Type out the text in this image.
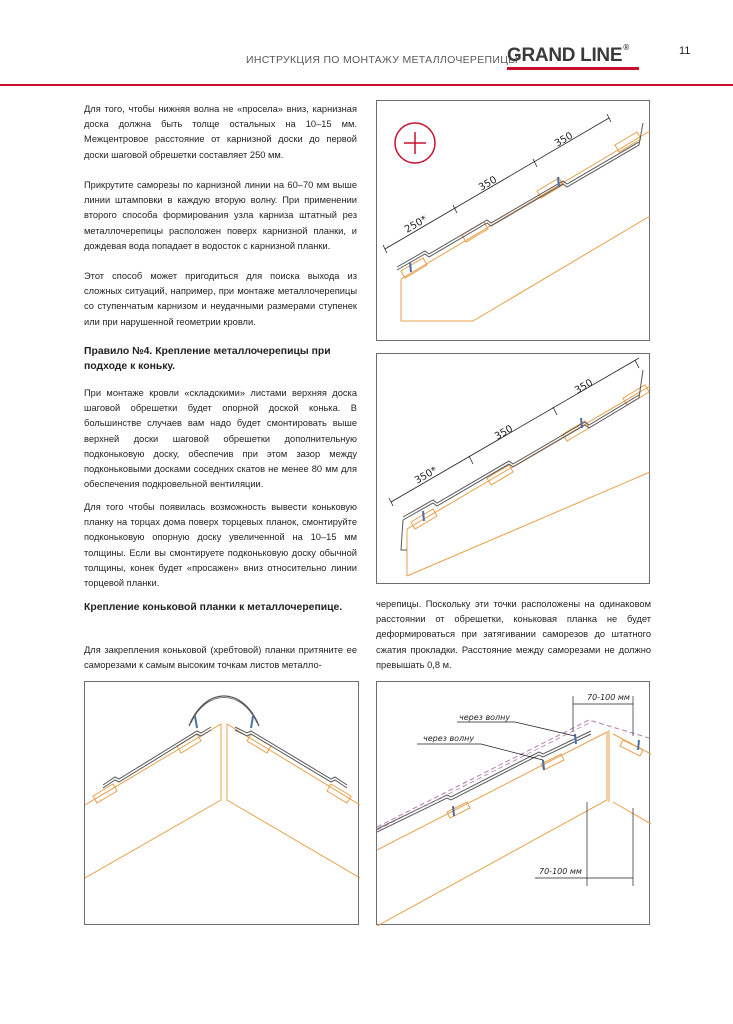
ИНСТРУКЦИЯ ПО МОНТАЖУ МЕТАЛЛОЧЕРЕПИЦЫ
GRAND LINE®	11

Для того, чтобы нижняя волна не «просела» вниз, карнизная доска должна быть толще остальных на 10–15 мм. Межцентровое расстояние от карнизной доски до первой доски шаговой обрешетки составляет 250 мм.

Прикрутите саморезы по карнизной линии на 60–70 мм выше линии штамповки в каждую вторую волну. При применении второго способа формирования узла карниза штатный рез металлочерепицы расположен поверх карнизной планки, и дождевая вода попадает в водосток с карнизной планки.

Этот способ может пригодиться для поиска выхода из сложных ситуаций, например, при монтаже металлочерепицы со ступенчатым карнизом и неудачными размерами ступенек или при нарушенной геометрии кровли.

Правило №4. Крепление металлочерепицы при подходе к коньку.

При монтаже кровли «складскими» листами верхняя доска шаговой обрешетки будет опорной доской конька. В большинстве случаев вам надо будет смонтировать выше верхней доски шаговой обрешетки дополнительную подконьковую доску, обеспечив при этом зазор между подконьковыми досками соседних скатов не менее 80 мм для обеспечения подкровельной вентиляции.

Для того чтобы появилась возможность вывести коньковую планку на торцах дома поверх торцевых планок, смонтируйте подконьковую опорную доску увеличенной на 10–15 мм толщины. Если вы смонтируете подконьковую доску обычной толщины, конек будет «просажен» вниз относительно линии торцевой планки.

Крепление коньковой планки к металлочерепице.

Для закрепления коньковой (хребтовой) планки притяните ее саморезами к самым высоким точкам листов металло-

черепицы. Поскольку эти точки расположены на одинаковом расстоянии от обрешетки, коньковая планка не будет деформироваться при затягивании саморезов до штатного сжатия прокладки. Расстояние между саморезами не должно превышать 0,8 м.

250*
350
350
350*
350
350
через волну
через волну
70-100 мм
70-100 мм
